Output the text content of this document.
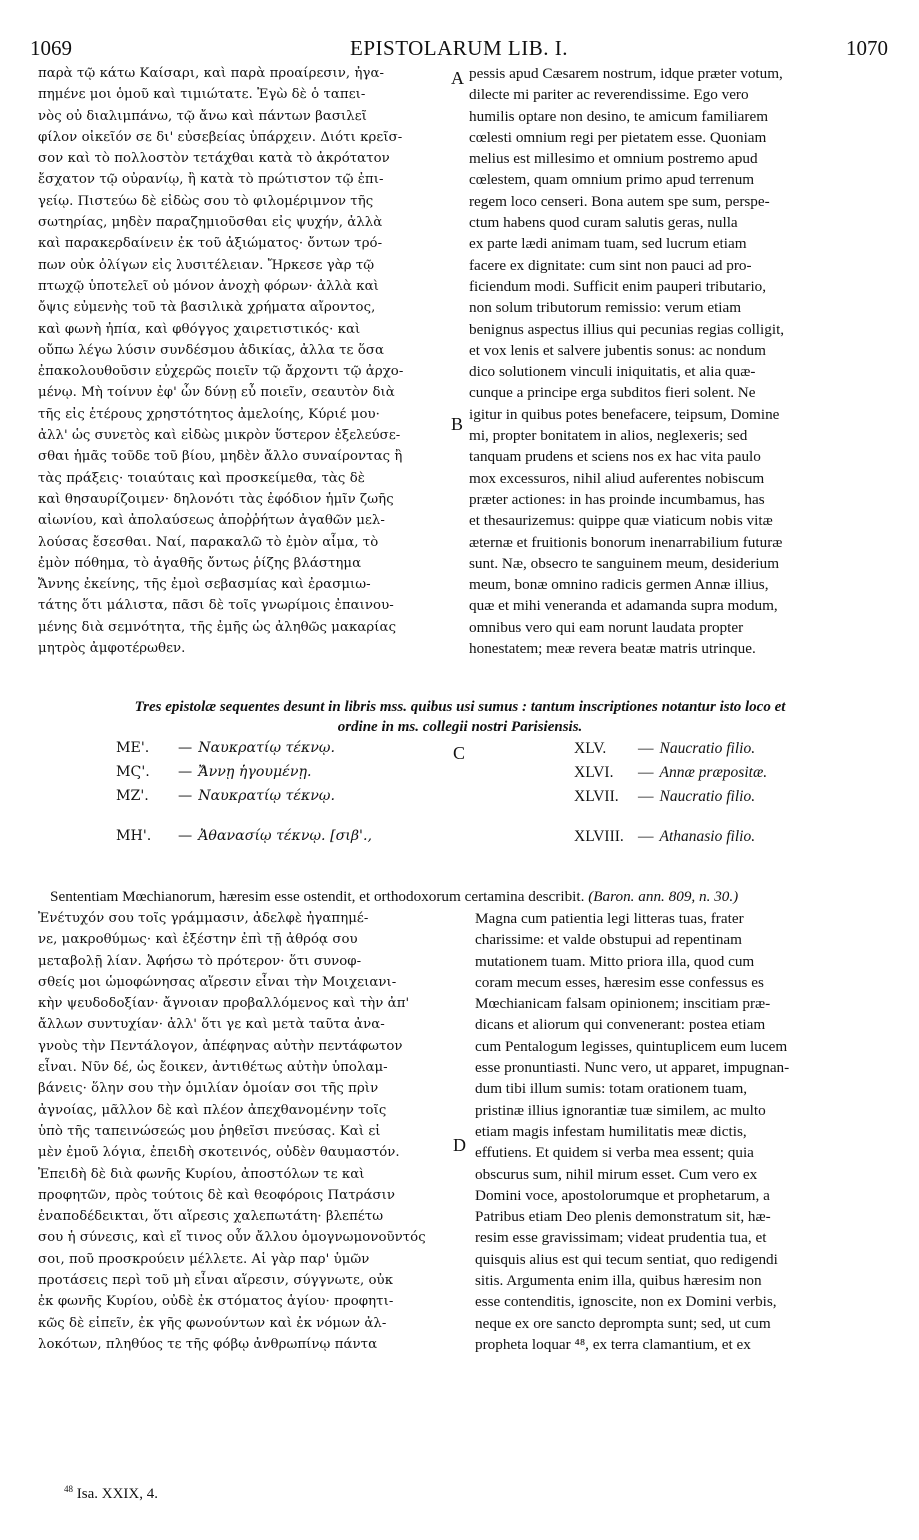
1069	EPISTOLARUM LIB. I.	1070
παρὰ τῷ κάτω Καίσαρι, καὶ παρὰ προαίρεσιν, ἠγα-
πημένε μοι ὁμοῦ καὶ τιμιώτατε. Ἐγὼ δὲ ὁ ταπει-
νὸς οὐ διαλιμπάνω, τῷ ἄνω καὶ πάντων βασιλεῖ
φίλον οἰκεῖόν σε δι' εὐσεβείας ὑπάρχειν. Διότι κρεῖσ-
σον καὶ τὸ πολλοστὸν τετάχθαι κατὰ τὸ ἀκρότατον
ἔσχατον τῷ οὐρανίῳ, ἢ κατὰ τὸ πρώτιστον τῷ ἐπι-
γείῳ. Πιστεύω δὲ εἰδὼς σου τὸ φιλομέριμνον τῆς
σωτηρίας, μηδὲν παραζημιοῦσθαι εἰς ψυχήν, ἀλλὰ
καὶ παρακερδαίνειν ἐκ τοῦ ἀξιώματος· ὄντων τρό-
πων οὐκ ὀλίγων εἰς λυσιτέλειαν. Ἤρκεσε γὰρ τῷ
πτωχῷ ὑποτελεῖ οὐ μόνον ἀνοχὴ φόρων· ἀλλὰ καὶ
ὄψις εὐμενὴς τοῦ τὰ βασιλικὰ χρήματα αἴροντος,
καὶ φωνὴ ἠπία, καὶ φθόγγος χαιρετιστικός· καὶ
οὔπω λέγω λύσιν συνδέσμου ἀδικίας, ἀλλα τε ὅσα
ἐπακολουθοῦσιν εὐχερῶς ποιεῖν τῷ ἄρχοντι τῷ ἀρχο-
μένῳ. Μὴ τοίνυν ἐφ' ὧν δύνῃ εὖ ποιεῖν, σεαυτὸν διὰ
τῆς εἰς ἑτέρους χρηστότητος ἀμελοίης, Κύριέ μου·
ἀλλ' ὡς συνετὸς καὶ εἰδὼς μικρὸν ὕστερον ἐξελεύσε-
σθαι ἡμᾶς τοῦδε τοῦ βίου, μηδὲν ἄλλο συναίροντας ἢ
τὰς πράξεις· τοιαύταις καὶ προσκείμεθα, τὰς δὲ
καὶ θησαυρίζοιμεν· δηλονότι τὰς ἐφόδιον ἡμῖν ζωῆς
αἰωνίου, καὶ ἀπολαύσεως ἀποῤῥήτων ἀγαθῶν μελ-
λούσας ἔσεσθαι. Ναί, παρακαλῶ τὸ ἐμὸν αἷμα, τὸ
ἐμὸν πόθημα, τὸ ἀγαθῆς ὄντως ῥίζης βλάστημα
Ἄννης ἐκείνης, τῆς ἐμοὶ σεβασμίας καὶ ἐρασμιω-
τάτης ὅτι μάλιστα, πᾶσι δὲ τοῖς γνωρίμοις ἐπαινου-
μένης διὰ σεμνότητα, τῆς ἐμῆς ὡς ἀληθῶς μακαρίας
μητρὸς ἀμφοτέρωθεν.
pessis apud Cæsarem nostrum, idque præter votum,
dilecte mi pariter ac reverendissime. Ego vero
humilis optare non desino, te amicum familiarem
cœlesti omnium regi per pietatem esse. Quoniam
melius est millesimo et omnium postremo apud
cœlestem, quam omnium primo apud terrenum
regem loco censeri. Bona autem spe sum, perspe-
ctum habens quod curam salutis geras, nulla
ex parte lædi animam tuam, sed lucrum etiam
facere ex dignitate: cum sint non pauci ad pro-
ficiendum modi. Sufficit enim pauperi tributario,
non solum tributorum remissio: verum etiam
benignus aspectus illius qui pecunias regias colligit,
et vox lenis et salvere jubentis sonus: ac nondum
dico solutionem vinculi iniquitatis, et alia quæ-
cunque a principe erga subditos fieri solent. Ne
igitur in quibus potes benefacere, teipsum, Domine
mi, propter bonitatem in alios, neglexeris; sed
tanquam prudens et sciens nos ex hac vita paulo
mox excessuros, nihil aliud auferentes nobiscum
præter actiones: in has proinde incumbamus, has
et thesaurizemus: quippe quæ viaticum nobis vitæ
æternæ et fruitionis bonorum inenarrabilium futuræ
sunt. Næ, obsecro te sanguinem meum, desiderium
meum, bonæ omnino radicis germen Annæ illius,
quæ et mihi veneranda et adamanda supra modum,
omnibus vero qui eam norunt laudata propter
honestatem; meæ revera beatæ matris utrinque.
A
B
C
D
Tres epistolæ sequentes desunt in libris mss. quibus usi sumus : tantum inscriptiones notantur isto loco et
ordine in ms. collegii nostri Parisiensis.
ΜΕ'. — Ναυκρατίῳ τέκνῳ.
ΜϚ'. — Ἄννῃ ἡγουμένῃ.
ΜΖ'. — Ναυκρατίῳ τέκνῳ.
ΜΗ'. — Ἀθανασίῳ τέκνῳ. [σιβ'.,
XLV. — Naucratio filio.
XLVI. — Annæ præpositæ.
XLVII. — Naucratio filio.
XLVIII. — Athanasio filio.
Sententiam Mœchianorum, hæresim esse ostendit, et orthodoxorum certamina describit. (Baron. ann. 809, n. 30.)
Ἐνέτυχόν σου τοῖς γράμμασιν, ἀδελφὲ ἠγαπημέ-
νε, μακροθύμως· καὶ ἐξέστην ἐπὶ τῇ ἀθρόᾳ σου
μεταβολῇ λίαν. Ἀφήσω τὸ πρότερον· ὅτι συνοφ-
σθείς μοι ὡμοφώνησας αἵρεσιν εἶναι τὴν Μοιχειανι-
κὴν ψευδοδοξίαν· ἄγνοιαν προβαλλόμενος καὶ τὴν ἀπ'
ἄλλων συντυχίαν· ἀλλ' ὅτι γε καὶ μετὰ ταῦτα ἀνα-
γνοὺς τὴν Πεντάλογον, ἀπέφηνας αὐτὴν πεντάφωτον
εἶναι. Νῦν δέ, ὡς ἔοικεν, ἀντιθέτως αὐτὴν ὑπολαμ-
βάνεις· ὅλην σου τὴν ὁμιλίαν ὁμοίαν σοι τῆς πρὶν
ἀγνοίας, μᾶλλον δὲ καὶ πλέον ἀπεχθανομένην τοῖς
ὑπὸ τῆς ταπεινώσεώς μου ῥηθεῖσι πνεύσας. Καὶ εἰ
μὲν ἐμοῦ λόγια, ἐπειδὴ σκοτεινός, οὐδὲν θαυμαστόν.
Ἐπειδὴ δὲ διὰ φωνῆς Κυρίου, ἀποστόλων τε καὶ
προφητῶν, πρὸς τούτοις δὲ καὶ θεοφόροις Πατράσιν
ἐναποδέδεικται, ὅτι αἵρεσις χαλεπωτάτη· βλεπέτω
σου ἡ σύνεσις, καὶ εἴ τινος οὖν ἄλλου ὁμογνωμονοῦντός
σοι, ποῦ προσκρούειν μέλλετε. Αἱ γὰρ παρ' ὑμῶν
προτάσεις περὶ τοῦ μὴ εἶναι αἵρεσιν, σύγγνωτε, οὐκ
ἐκ φωνῆς Κυρίου, οὐδὲ ἐκ στόματος ἁγίου· προφητι-
κῶς δὲ εἰπεῖν, ἐκ γῆς φωνούντων καὶ ἐκ νόμων ἀλ-
λοκότων, πληθύος τε τῆς φόβῳ ἀνθρωπίνῳ πάντα
Magna cum patientia legi litteras tuas, frater
charissime: et valde obstupui ad repentinam
mutationem tuam. Mitto priora illa, quod cum
coram mecum esses, hæresim esse confessus es
Mœchianicam falsam opinionem; inscitiam præ-
dicans et aliorum qui convenerant: postea etiam
cum Pentalogum legisses, quintuplicem eum lucem
esse pronuntiasti. Nunc vero, ut apparet, impugnan-
dum tibi illum sumis: totam orationem tuam,
pristinæ illius ignorantiæ tuæ similem, ac multo
etiam magis infestam humilitatis meæ dictis,
effutiens. Et quidem si verba mea essent; quia
obscurus sum, nihil mirum esset. Cum vero ex
Domini voce, apostolorumque et prophetarum, a
Patribus etiam Deo plenis demonstratum sit, hæ-
resim esse gravissimam; videat prudentia tua, et
quisquis alius est qui tecum sentiat, quo redigendi
sitis. Argumenta enim illa, quibus hæresim non
esse contenditis, ignoscite, non ex Domini verbis,
neque ex ore sancto deprompta sunt; sed, ut cum
propheta loquar ⁴⁸, ex terra clamantium, et ex
$^{48}$ Isa. XXIX, 4.
